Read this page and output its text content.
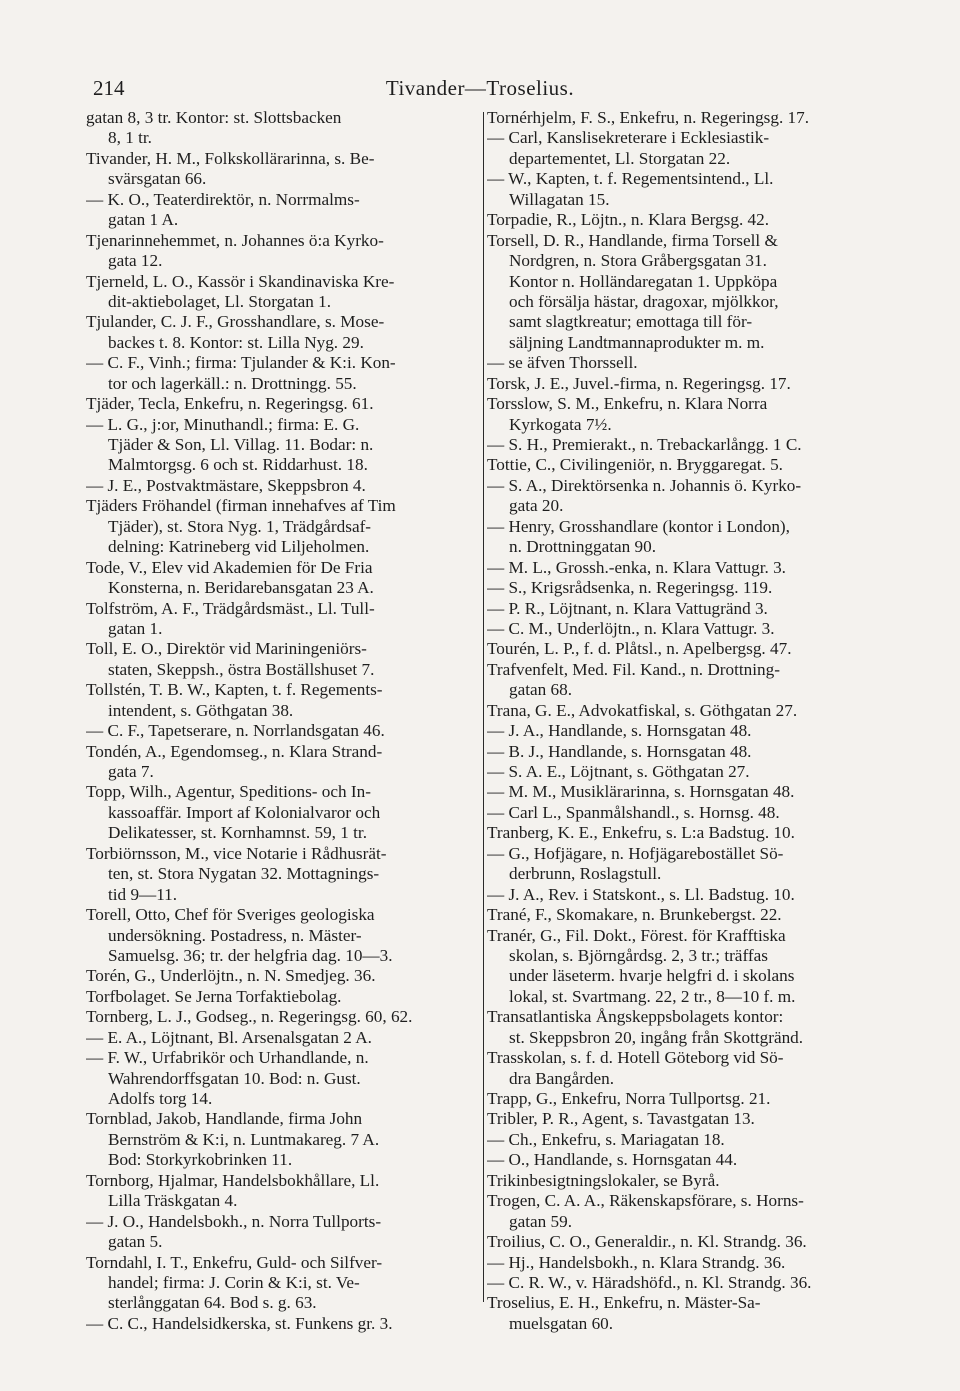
214	Tivander—Troselius.
gatan 8, 3 tr. Kontor: st. Slottsbacken
8, 1 tr.
Tivander, H. M., Folkskollärarinna, s. Be-
svärsgatan 66.
— K. O., Teaterdirektör, n. Norrmalms-
gatan 1 A.
Tjenarinnehemmet, n. Johannes ö:a Kyrko-
gata 12.
Tjerneld, L. O., Kassör i Skandinaviska Kre-
dit-aktiebolaget, Ll. Storgatan 1.
Tjulander, C. J. F., Grosshandlare, s. Mose-
backes t. 8. Kontor: st. Lilla Nyg. 29.
— C. F., Vinh.; firma: Tjulander & K:i. Kon-
tor och lagerkäll.: n. Drottningg. 55.
Tjäder, Tecla, Enkefru, n. Regeringsg. 61.
— L. G., j:or, Minuthandl.; firma: E. G.
Tjäder & Son, Ll. Villag. 11. Bodar: n.
Malmtorgsg. 6 och st. Riddarhust. 18.
— J. E., Postvaktmästare, Skeppsbron 4.
Tjäders Fröhandel (firman innehafves af Tim
Tjäder), st. Stora Nyg. 1, Trädgårdsaf-
delning: Katrineberg vid Liljeholmen.
Tode, V., Elev vid Akademien för De Fria
Konsterna, n. Beridarebansgatan 23 A.
Tolfström, A. F., Trädgårdsmäst., Ll. Tull-
gatan 1.
Toll, E. O., Direktör vid Mariningeniörs-
staten, Skeppsh., östra Boställshuset 7.
Tollstén, T. B. W., Kapten, t. f. Regements-
intendent, s. Göthgatan 38.
— C. F., Tapetserare, n. Norrlandsgatan 46.
Tondén, A., Egendomseg., n. Klara Strand-
gata 7.
Topp, Wilh., Agentur, Speditions- och In-
kassoaffär. Import af Kolonialvaror och
Delikatesser, st. Kornhamnst. 59, 1 tr.
Torbiörnsson, M., vice Notarie i Rådhusrät-
ten, st. Stora Nygatan 32. Mottagnings-
tid 9—11.
Torell, Otto, Chef för Sveriges geologiska
undersökning. Postadress, n. Mäster-
Samuelsg. 36; tr. der helgfria dag. 10—3.
Torén, G., Underlöjtn., n. N. Smedjeg. 36.
Torfbolaget. Se Jerna Torfaktiebolag.
Tornberg, L. J., Godseg., n. Regeringsg. 60, 62.
— E. A., Löjtnant, Bl. Arsenalsgatan 2 A.
— F. W., Urfabrikör och Urhandlande, n.
Wahrendorffsgatan 10. Bod: n. Gust.
Adolfs torg 14.
Tornblad, Jakob, Handlande, firma John
Bernström & K:i, n. Luntmakareg. 7 A.
Bod: Storkyrkobrinken 11.
Tornborg, Hjalmar, Handelsbokhållare, Ll.
Lilla Träskgatan 4.
— J. O., Handelsbokh., n. Norra Tullports-
gatan 5.
Torndahl, I. T., Enkefru, Guld- och Silfver-
handel; firma: J. Corin & K:i, st. Ve-
sterlånggatan 64. Bod s. g. 63.
— C. C., Handelsidkerska, st. Funkens gr. 3.
Tornérhjelm, F. S., Enkefru, n. Regeringsg. 17.
— Carl, Kanslisekreterare i Ecklesiastik-
departementet, Ll. Storgatan 22.
— W., Kapten, t. f. Regementsintend., Ll.
Willagatan 15.
Torpadie, R., Löjtn., n. Klara Bergsg. 42.
Torsell, D. R., Handlande, firma Torsell &
Nordgren, n. Stora Gråbergsgatan 31.
Kontor n. Holländaregatan 1. Uppköpa
och försälja hästar, dragoxar, mjölkkor,
samt slagtkreatur; emottaga till för-
säljning Landtmannaprodukter m. m.
— se äfven Thorssell.
Torsk, J. E., Juvel.-firma, n. Regeringsg. 17.
Torsslow, S. M., Enkefru, n. Klara Norra
Kyrkogata 7½.
— S. H., Premierakt., n. Trebackarlångg. 1 C.
Tottie, C., Civilingeniör, n. Bryggaregat. 5.
— S. A., Direktörsenka n. Johannis ö. Kyrko-
gata 20.
— Henry, Grosshandlare (kontor i London),
n. Drottninggatan 90.
— M. L., Grossh.-enka, n. Klara Vattugr. 3.
— S., Krigsrådsenka, n. Regeringsg. 119.
— P. R., Löjtnant, n. Klara Vattugränd 3.
— C. M., Underlöjtn., n. Klara Vattugr. 3.
Tourén, L. P., f. d. Plåtsl., n. Apelbergsg. 47.
Trafvenfelt, Med. Fil. Kand., n. Drottning-
gatan 68.
Trana, G. E., Advokatfiskal, s. Göthgatan 27.
— J. A., Handlande, s. Hornsgatan 48.
— B. J., Handlande, s. Hornsgatan 48.
— S. A. E., Löjtnant, s. Göthgatan 27.
— M. M., Musiklärarinna, s. Hornsgatan 48.
— Carl L., Spanmålshandl., s. Hornsg. 48.
Tranberg, K. E., Enkefru, s. L:a Badstug. 10.
— G., Hofjägare, n. Hofjägarebostället Sö-
derbrunn, Roslagstull.
— J. A., Rev. i Statskont., s. Ll. Badstug. 10.
Trané, F., Skomakare, n. Brunkebergst. 22.
Tranér, G., Fil. Dokt., Förest. för Krafftiska
skolan, s. Björngårdsg. 2, 3 tr.; träffas
under läseterm. hvarje helgfri d. i skolans
lokal, st. Svartmang. 22, 2 tr., 8—10 f. m.
Transatlantiska Ångskeppsbolagets kontor:
st. Skeppsbron 20, ingång från Skottgränd.
Trasskolan, s. f. d. Hotell Göteborg vid Sö-
dra Bangården.
Trapp, G., Enkefru, Norra Tullportsg. 21.
Tribler, P. R., Agent, s. Tavastgatan 13.
— Ch., Enkefru, s. Mariagatan 18.
— O., Handlande, s. Hornsgatan 44.
Trikinbesigtningslokaler, se Byrå.
Trogen, C. A. A., Räkenskapsförare, s. Horns-
gatan 59.
Troilius, C. O., Generaldir., n. Kl. Strandg. 36.
— Hj., Handelsbokh., n. Klara Strandg. 36.
— C. R. W., v. Häradshöfd., n. Kl. Strandg. 36.
Troselius, E. H., Enkefru, n. Mäster-Sa-
muelsgatan 60.
